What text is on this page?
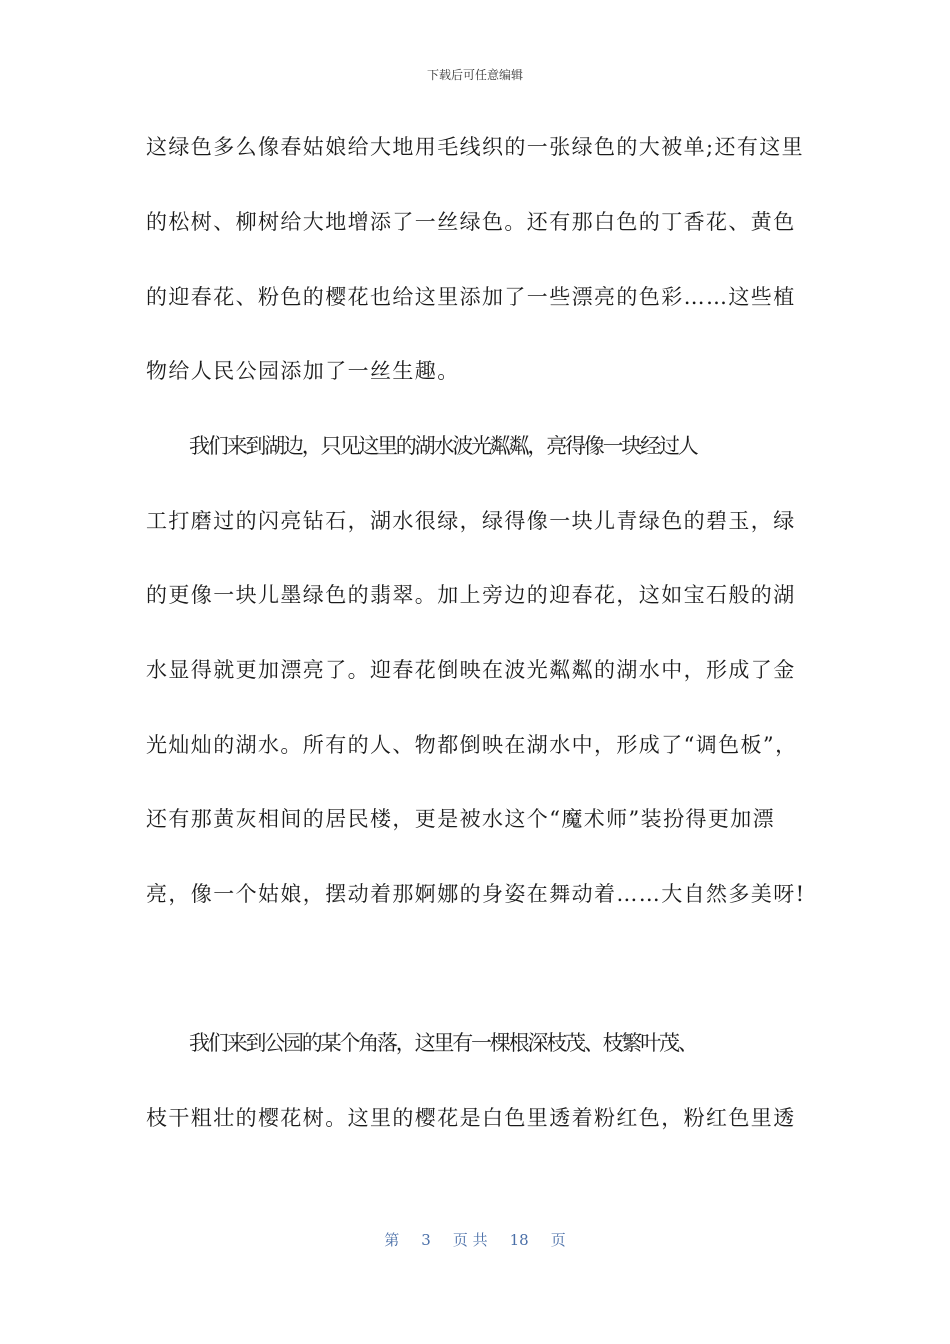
下载后可任意编辑
这绿色多么像春姑娘给大地用毛线织的一张绿色的大被单;还有这里
的松树、柳树给大地增添了一丝绿色。还有那白色的丁香花、黄色
的迎春花、粉色的樱花也给这里添加了一些漂亮的色彩……这些植
物给人民公园添加了一丝生趣。
我们来到湖边，只见这里的湖水波光粼粼，亮得像一块经过人
工打磨过的闪亮钻石，湖水很绿，绿得像一块儿青绿色的碧玉，绿
的更像一块儿墨绿色的翡翠。加上旁边的迎春花，这如宝石般的湖
水显得就更加漂亮了。迎春花倒映在波光粼粼的湖水中，形成了金
光灿灿的湖水。所有的人、物都倒映在湖水中，形成了“调色板”，
还有那黄灰相间的居民楼，更是被水这个“魔术师”装扮得更加漂
亮，像一个姑娘，摆动着那婀娜的身姿在舞动着……大自然多美呀!
我们来到公园的某个角落，这里有一棵根深枝茂、枝繁叶茂、
枝干粗壮的樱花树。这里的樱花是白色里透着粉红色，粉红色里透
第 3 页 共 18 页
